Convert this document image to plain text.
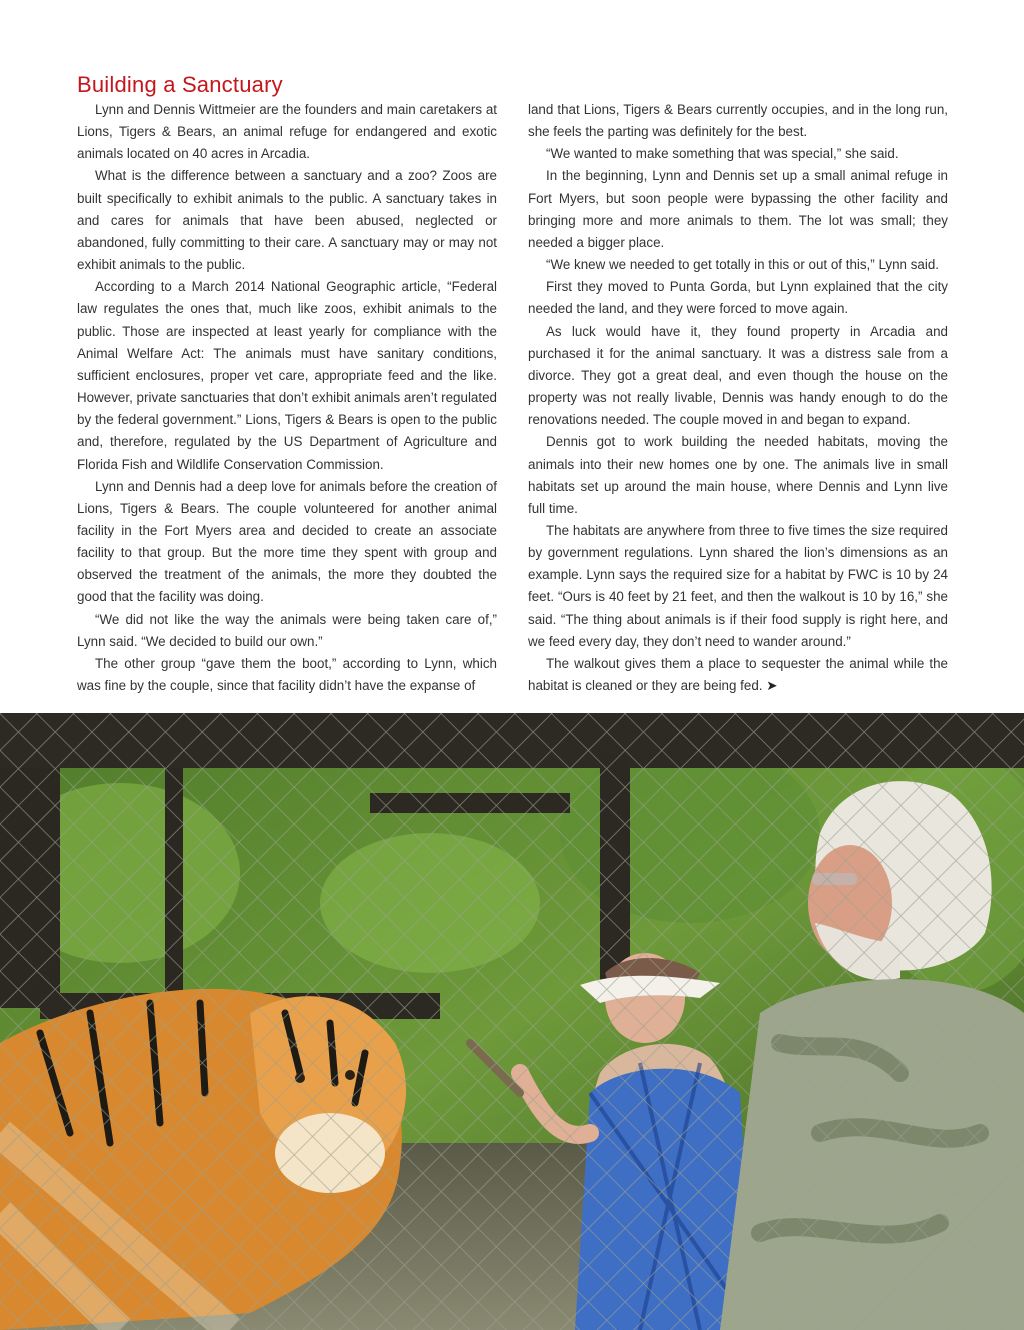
Building a Sanctuary

Lynn and Dennis Wittmeier are the founders and main caretakers at Lions, Tigers & Bears, an animal refuge for endangered and exotic animals located on 40 acres in Arcadia.

What is the difference between a sanctuary and a zoo? Zoos are built specifically to exhibit animals to the public. A sanctuary takes in and cares for animals that have been abused, neglected or abandoned, fully committing to their care. A sanctuary may or may not exhibit animals to the public.

According to a March 2014 National Geographic article, “Federal law regulates the ones that, much like zoos, exhibit animals to the public. Those are inspected at least yearly for compliance with the Animal Welfare Act: The animals must have sanitary conditions, sufficient enclosures, proper vet care, appropriate feed and the like. However, private sanctuaries that don’t exhibit animals aren’t regulated by the federal government.” Lions, Tigers & Bears is open to the public and, therefore, regulated by the US Department of Agriculture and Florida Fish and Wildlife Conservation Commission.

Lynn and Dennis had a deep love for animals before the creation of Lions, Tigers & Bears. The couple volunteered for another animal facility in the Fort Myers area and decided to create an associate facility to that group. But the more time they spent with group and observed the treatment of the animals, the more they doubted the good that the facility was doing.

“We did not like the way the animals were being taken care of,” Lynn said. “We decided to build our own.”

The other group “gave them the boot,” according to Lynn, which was fine by the couple, since that facility didn’t have the expanse of

land that Lions, Tigers & Bears currently occupies, and in the long run, she feels the parting was definitely for the best.

“We wanted to make something that was special,” she said.

In the beginning, Lynn and Dennis set up a small animal refuge in Fort Myers, but soon people were bypassing the other facility and bringing more and more animals to them. The lot was small; they needed a bigger place.

“We knew we needed to get totally in this or out of this,” Lynn said.

First they moved to Punta Gorda, but Lynn explained that the city needed the land, and they were forced to move again.

As luck would have it, they found property in Arcadia and purchased it for the animal sanctuary. It was a distress sale from a divorce. They got a great deal, and even though the house on the property was not really livable, Dennis was handy enough to do the renovations needed. The couple moved in and began to expand.

Dennis got to work building the needed habitats, moving the animals into their new homes one by one. The animals live in small habitats set up around the main house, where Dennis and Lynn live full time.

The habitats are anywhere from three to five times the size required by government regulations. Lynn shared the lion’s dimensions as an example. Lynn says the required size for a habitat by FWC is 10 by 24 feet. “Ours is 40 feet by 21 feet, and then the walkout is 10 by 16,” she said. “The thing about animals is if their food supply is right here, and we feed every day, they don’t need to wander around.”

The walkout gives them a place to sequester the animal while the habitat is cleaned or they are being fed. ➤
